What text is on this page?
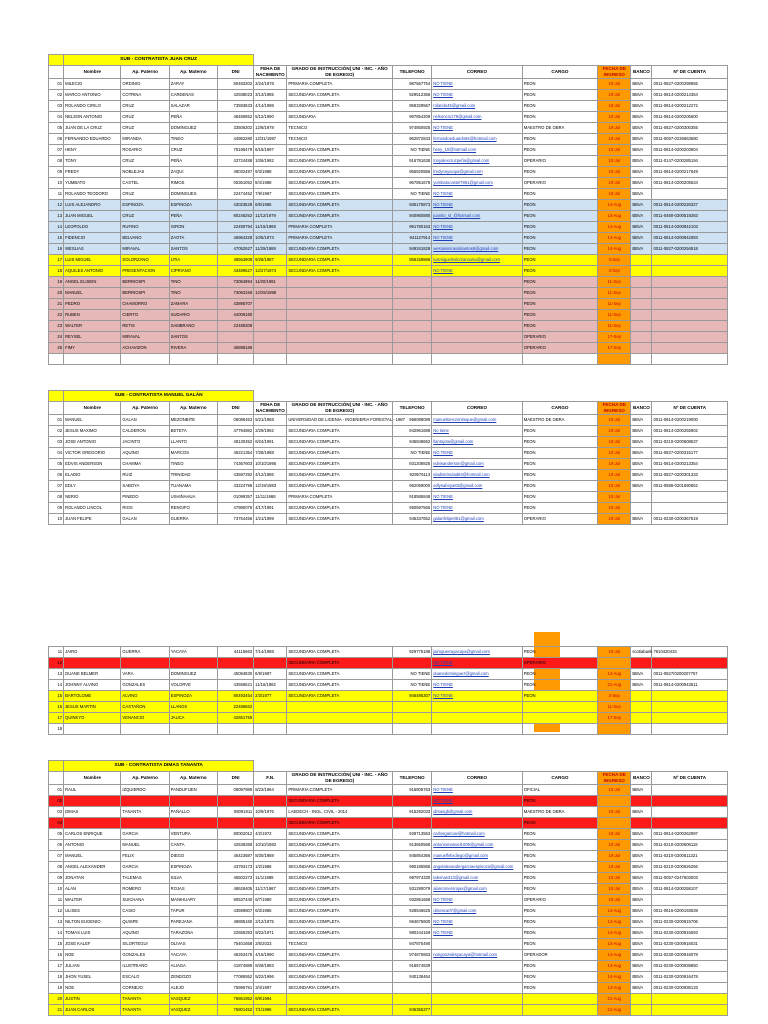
	SUB - CONTRATISTA JUAN CRUZ											
	Nombre	Ap. Paterno	Ap. Materno	DNI	FEHA DE NACIMIENTO	GRADO DE INSTRUCCIÓN( UNI - INC. - AÑO DE EGRESO)	TELEFONO	CORREO	CARGO	FECHA DE INGRESO	BANCO	Nº DE CUENTA
01	MILECIO	ORDINIO	ZARAY	80483302	3/24/1978	PRIMARIA COMPLETA	987567754	NO TIENE	PEON	10-Jul	BBVA	0011-0827-0200298955
02	MARCO ANTONIO	COTRINA	CARDENAS	42938023	3/13/1985	SECUNDARIA COMPLETA	929512366	NO TIENE	PEON	10-Jul	BBVA	0011-0814-0200214364
03	ROLANDO CIRILO	CRUZ	SALAZAR	73593633	4/14/1998	SECUNDARIA COMPLETA	958329567	rolando45@gmail.com	PEON	10-Jul	BBVA	0011-0814-0200212272
04	NELSON ANTONIO	CRUZ	PEÑA	46480852	5/12/1990	SECUNDARIA	997854209	nelsoncruz78@gmail.com	PEON	10-Jul	BBVA	0011-0814-0200205600
05	JUAN DE LA CRUZ	CRUZ	DOMINGUEZ	33506302	12/8/1978	TECNICO	974850925	NO TIENE	MAESTRO DE OBRA	10-Jul	BBVA	0011-0827-0200300355
06	FERNANDO EDUARDO	MIRANDA	TINEO	44952280	12/31/1987	TECNICO	962872843	fernandoeduardo84@hotmail.com	PEON	10-Jul	BBVA	0011-0057-0226663580
07	HENY	ROSARIO	CRUZ	75195479	6/15/1997	SECUNDARIA COMPLETA	NO TIENE	heny_10@hotmail.com	PEON	10-Jul	BBVA	0011-0814-0200203904
08	TONY	CRUZ	PEÑA	43724488	10/6/1982	SECUNDARIA COMPLETA	916781638	tonyalexcruzpeña@gmail.com	OPERARIO	10-Jul	BBVA	0011-0147-0200285194
09	FREDY	NOBLEJAS	ZAQUI	48032497	9/3/1988	SECUNDARIA COMPLETA	955920856	fredynoyacqui@gmail.com	PEON	10-Jul	BBVA	0011-0814-0200217649
10	YUMBATO	CASTEL	RIMOS	05361052	8/4/1988	SECUNDARIA COMPLETA	967851678	yumbatocastel7851@gmail.com	OPERARIO	10-Jul	BBVA	0011-0814-0200205534
11	ROLANDO TEODORO	CRUZ	DOMINGUES	22474452	7/9/1967	SECUNDARIA COMPLETA	NO TIENE	NO TIENE	PEON	10-Jul	BBVA	
12	LUIS ALEJANDRO	ESPINOZA	ESPINOZA	43023528	6/6/1985	SECUNDARIA COMPLETA	935175873	NO TIENE	PEON	14-Aug	BBVA	0011-0814-0200226327
13	JUAN MIGUEL	CRUZ	PEÑA	80246252	11/12/1979	SECUNDARIA COMPLETA	940960880	juanito_st_@hotmail.com	PEON	14-Aug	BBVA	0011-0480-0200519283
14	LEOPOLDO	RUFINO	GIRON	22490794	11/15/1968	PRIMARIA COMPLETA	991780163	NO TIENE	PEON	14-Aug	BBVA	0011-0814-0200942103
15	FIDENCIO	BELVANO	ZAOTA	46964328	10/5/1973	PRIMARIA COMPLETA	941127914	NO TIENE	PEON	14-Aug	BBVA	0011-0814-0200942083
16	WESLIAS	MIRAVAL	SANTOS	47052927	11/29/1989	SECUNDARIA COMPLETA	949341828	weslaismiravalsantos8@gmail.com	PEON	14-Aug	BBVA	0011-0827-0200294518
17	LUIS MIGUEL	SOLORZANO	UTIA	48564908	9/28/1987	SECUNDARIA COMPLETA	956159866	luismiguelsolorzanoutia@gmail.com	PEON	3-Sep		
18	AQUILES ANTONIO	PRESENTACION	CIPRIANO	43489527	12/27/1974	SECUNDARIA COMPLETA		NO TIENE	PEON	3-Sep		
19	ANGEL ELISEIN	BERRIOSPI	TINO	73064994	11/20/1991				PEON	11-Sep		
20	MANUEL	BERRIOSPI	TINO	73063156	12/25/1998				PEON	11-Sep		
21	PEDRO	CHAMORRO	ZAMARA	43895707					PEON	11-Sep		
22	RUBEN	CIERTO	SUDARIO	44009180					PEON	11-Sep		
23	WALTER	RETIS	SAMBRANO	22486308					PEON	11-Sep		
24	REYSEL	MIRAVAL	SANTOS						OPERARIO	17-Sep		
25	FIMY	ACHAVIZON	RIVERA	45898186					OPERARIO	17-Sep		

	SUB - CONTRATISTA MANUEL GALÁN											
	Nombre	Ap. Paterno	Ap. Materno	DNI	FEHA DE NACIMIENTO	GRADO DE INSTRUCCIÓN( UNI - INC. - AÑO DE EGRESO)	TELEFONO	CORREO	CARGO	FECHA DE INGRESO	BANCO	Nº DE CUENTA
01	MANUEL	GALAN	MEZONBITE	08086453	5/21/1968	UNIVERSIDAD DE LIGENIA - INGENIERIA FORESTAL - 1987	966088089	manuelsmezoniteque@gmail.com	MAESTRO DE OBRA	10-Jul	BBVA	0011-0814-0200219000
02	JESUS MAXIMO	CALDERON	BETETA	47794882	2/29/1992	SECUNDARIA COMPLETA	942961688	No tiene	PEON	10-Jul	BBVA	0011-0814-0200255902
03	JOSE ANTONIO	JACINTO	LLANTO	48130452	6/24/1991	SECUNDARIA COMPLETA	945849662	llantojota@gmail.com	PEON	10-Jul	BBVA	0011-0210-0200608537
04	VICTOR GREGORIO	AQUINO	MARCOS	45221354	7/28/1988	SECUNDARIA COMPLETA	NO TIENE	NO TIENE	PEON	10-Jul	BBVA	0011-0827-0200315177
05	EDVIS ANDERSON	CHAMMA	TINEO	74367603	10/10/1995	SECUNDARIA COMPLETA	931208825	edvisanderson@gmail.com	PEON	10-Jul	BBVA	0011-0814-0200213354
06	ELADIO	RUIZ	TRINIDAD	43597292	4/12/1986	SECUNDARIA COMPLETA	929576113	eladiotrinidad84@hotmail.com	PEON	10-Jul	BBVA	0011-0827-0200301333
07	EDLY	SABOYA	TUANAMA	43224796	12/19/1983	SECUNDARIA COMPLETA	962059000	edlysaboya83@gmail.com	PEON	10-Jul	BBVA	0011-0586-0201690852
08	NERIO	PINEDO	USHIÑAHUA	01099357	11/11/1968	PRIMARIA COMPLETA	918585848	NO TIENE	PEON	10-Jul		
09	ROLANDO LINCOL	RIOS	RENGIFO	47980076	4/17/1991	SECUNDARIA COMPLETA	950597565	NO TIENE	PEON	10-Jul		
10	JUAN FELIPE	GALAN	GUERRA	73754456	1/21/1999	SECUNDARIA COMPLETA	945337652	galanfelipe061@gmail.com	OPERARIO	10-Jul	BBVA	0011-0230-0200367519
11	JAIRO	GUERRA	YACAYA	44115663	7/14/1988	SECUNDARIA COMPLETA	929775188	jairoguerrayacaya@gmail.com	PEON	10-Jul	scotiabank	7610420433
12						SECUNDARIA COMPLETA		NO TIENE	OPERARIO			
13	DUANE BELMER	VARA	DOMINGUEZ	45094830	6/9/1987	SECUNDARIA COMPLETA	NO TIENE	duanedominguez@gmail.com	PEON	14-Aug	BBVA	0011-0827/0200207757
14	JOHNNY ALVINO	GONZALES	VOLORVE	43556521	11/16/1982	SECUNDARIA COMPLETA	NO TIENE	NO TIENE	PEON	21-Aug	BBVA	0011-0814-0200943611
15	BARTOLOME	ALVINO	ESPINOZA	80493454	2/3/1977	SECUNDARIA COMPLETA	946495307	NO TIENE	PEON	3-Sep		
16	JESUS MARTIN	CASTAÑON	LLANOS	22486562						11-Sep		
17	QUINKYO	VENANCIO	JAUCA	42651759						17-Sep		
18												
	SUB - CONTRATISTA DIMAS TANANTA											
	Nombre	Ap. Paterno	Ap. Materno	DNI	F.N.	GRADO DE INSTRUCCIÓN( UNI - INC. - AÑO DE EGRESO)	TELEFONO	CORREO	CARGO	FECHA DE INGRESO	BANCO	Nº DE CUENTA
01	RAUL	IZQUIERDO	PANDUFIJEN	08097989	8/23/1964	PRIMARIA COMPLETA	916805763	NO TIENE	OFICIAL	10-Jul	BBVA	
02						SECUNDARIA COMPLETA		NO TIENE	PEON			
03	DIMAS	TANANTA	PAÑALLO	08091811	10/9/1976	LAEDECH - INGL. CIVIL - 2014	915292033	dimasgb@gmail.com	MAESTRO DE OBRA	10-Jul	BBVA	
04						SECUNDARIA COMPLETA			PEON			
05	CARLOS ENRIQUE	GARCIA	VENTURA	80002012	4/2/1972	SECUNDARIA COMPLETA	928713553	carlosgarciav@hotmail.com	PEON	10-Jul	BBVA	0011-0814-0200262997
06	ANTONIO	MANUEL	CANTA	42536268	10/10/1982	SECUNDARIA COMPLETA	913650568	antoniomanuel1005@gmail.com	PEON	10-Jul	BBVA	0011-0210-0200606118
07	MANUEL	FELIX	DIEGO	45423687	8/30/1988	SECUNDARIA COMPLETA	945854366	manuelfelixdiego@gmail.com	PEON	10-Jul	BBVA	0011-0210-0200611321
08	ANGEL ALEXANDER	GARCIA	ESPINOZA	43793173	1/2/1986	SECUNDARIA COMPLETA	960185865	angelalexandergarciaespinoza@gmail.com	PEON	10-Jul	BBVA	0011-0210-0200626266
09	JONATAN	TALEMAS	SILVA	45502273	11/1/1988	SECUNDARIA COMPLETA	997974330	talemas313@gmail.com	PEON	10-Jul	BBVA	0011-0057-0247603003
10	ALAN	ROMERO	ROJAS	48626405	11/17/1987	SECUNDARIA COMPLETA	931290079	alanromerorojas@gmail.com	PEON	10-Jul	BBVA	0011-0814-0200258107
11	WALTER	SUICHANA	MANIHUARY	80537440	6/7/1980	SECUNDARIA COMPLETA	932851668	NO TIENE	OPERARIO	10-Jul	BBVA	
12	ULISES	CASIO	TAPUR	43599807	6/3/1985	SECUNDARIA COMPLETA	928546625	ulisesca07@gmail.com	PEON	14-Aug	BBVA	0011-0616-0200193539
13	NILTON EUGENIO	QUISPE	PAREJANA	48885160	2/12/1975	SECUNDARIA COMPLETA	964675600	NO TIENE	PEON	14-Aug	BBVA	0011-0230-0200915706
14	TOMAS LUIS	AQUINO	TARAZONA	22656293	9/22/1971	SECUNDARIA COMPLETA	980244169	NO TIENE	PEON	14-Aug	BBVA	0011-0230-0200915593
15	JOSE KALEF	SILORTEGUI	OLIVAS	75401658	2/5/2023	TECNICO	947875490		PEON	14-Aug	BBVA	0011-0230-0200916031
16	NOE	GONZALES	YACAYA	46263476	4/15/1990	SECUNDARIA COMPLETA	974670663	noegonzalesyacaya@hotmail.com	OPERADOR	14-Aug	BBVA	0011-0230-0200916078
17	JULIAN	ILUSTRIANO	ALIAGA	41874889	8/28/1983	SECUNDARIA COMPLETA	918674839		PEON	14-Aug	BBVA	0011-0230-0200938850
18	JHON YUSEL	ESCALO	ZENDOZO	77085552	5/22/1996	SECUNDARIA COMPLETA	940138464		PEON	14-Aug	BBVA	0011-0230-0200916478
19	NOE	CORNEJO	ALEJO	75996791	3/4/1997	SECUNDARIA COMPLETA			PEON	14-Aug	BBVA	0011-0230-0200938133
20	JUSTIN	TANANTA	VASQUEZ	76861952	6/9/1994					21-Aug		
21	JUAN CARLOS	TANANTA	VASQUEZ	75801452	7/1/1996	SECUNDARIA COMPLETA	945355377			21-Aug		
